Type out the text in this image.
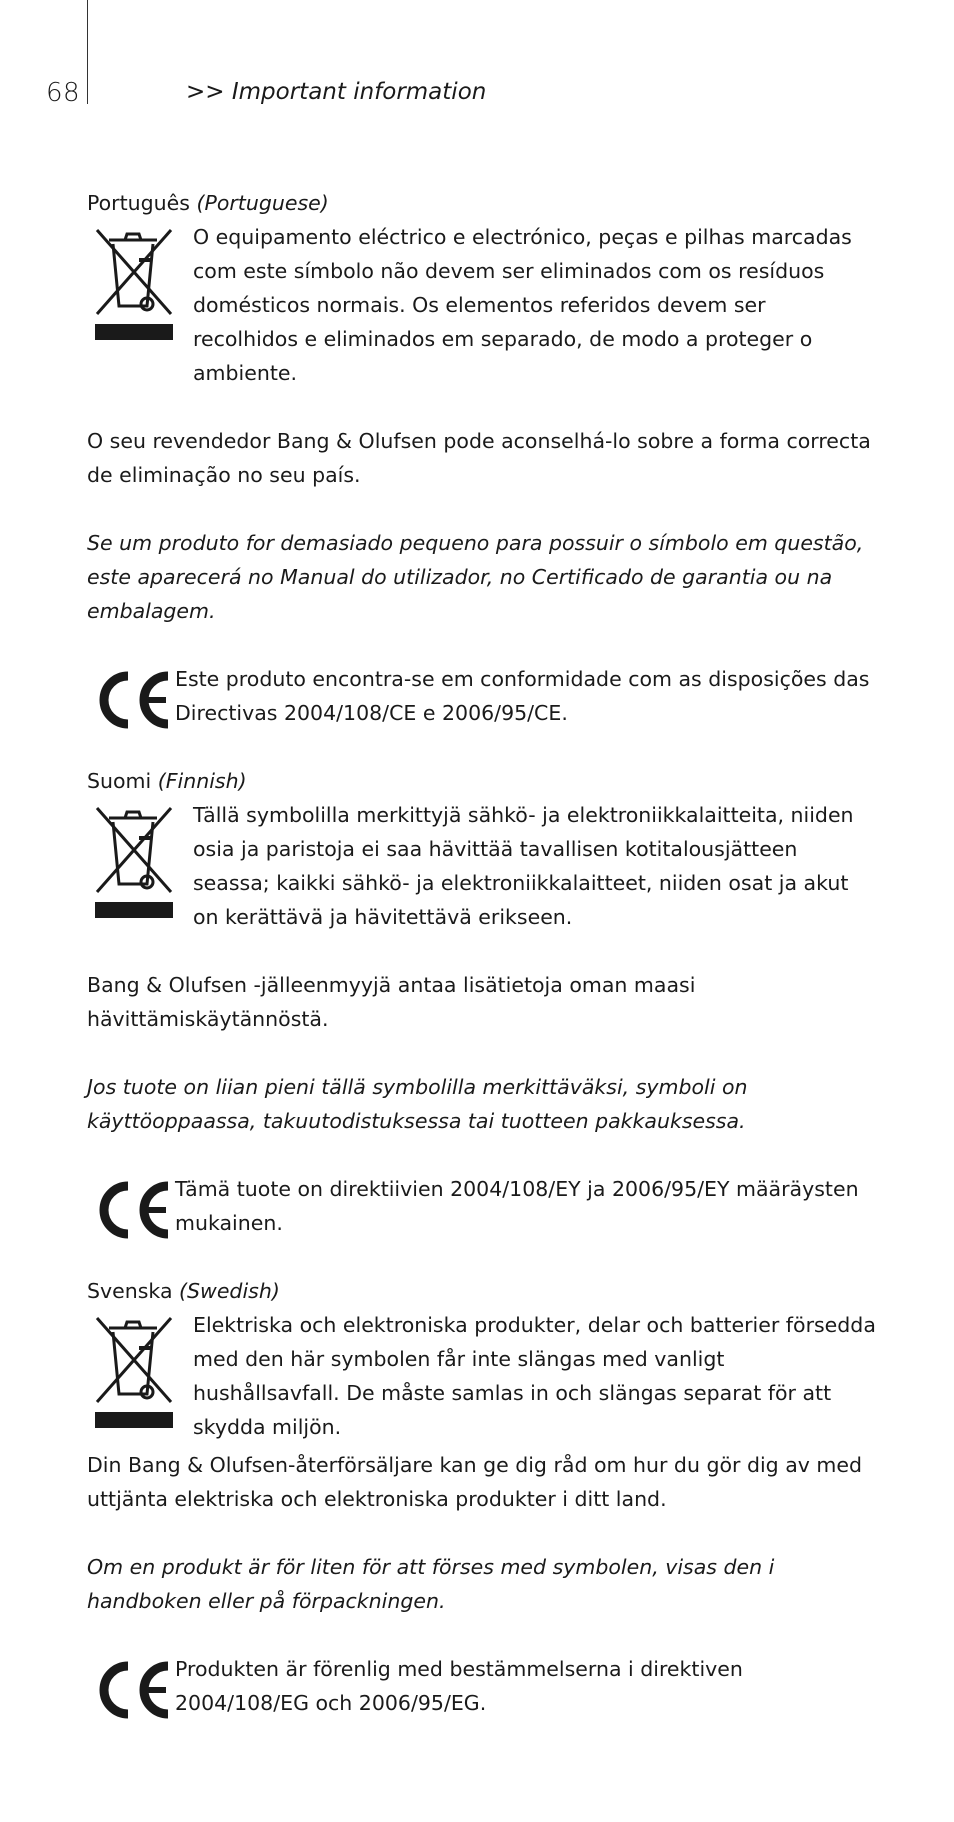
68	>> Important information
Português (Portuguese)

O equipamento eléctrico e electrónico, peças e pilhas marcadas com este símbolo não devem ser eliminados com os resíduos domésticos normais. Os elementos referidos devem ser recolhidos e eliminados em separado, de modo a proteger o ambiente.

O seu revendedor Bang & Olufsen pode aconselhá-lo sobre a forma correcta de eliminação no seu país.

Se um produto for demasiado pequeno para possuir o símbolo em questão, este aparecerá no Manual do utilizador, no Certificado de garantia ou na embalagem.

Este produto encontra-se em conformidade com as disposições das Directivas 2004/108/CE e 2006/95/CE.

Suomi (Finnish)

Tällä symbolilla merkittyjä sähkö- ja elektroniikkalaitteita, niiden osia ja paristoja ei saa hävittää tavallisen kotitalousjätteen seassa; kaikki sähkö- ja elektroniikkalaitteet, niiden osat ja akut on kerättävä ja hävitettävä erikseen.

Bang & Olufsen -jälleenmyyjä antaa lisätietoja oman maasi hävittämiskäytännöstä.

Jos tuote on liian pieni tällä symbolilla merkittäväksi, symboli on käyttöoppaassa, takuutodistuksessa tai tuotteen pakkauksessa.

Tämä tuote on direktiivien 2004/108/EY ja 2006/95/EY määräysten mukainen.

Svenska (Swedish)

Elektriska och elektroniska produkter, delar och batterier försedda med den här symbolen får inte slängas med vanligt hushållsavfall. De måste samlas in och slängas separat för att skydda miljön.

Din Bang & Olufsen-återförsäljare kan ge dig råd om hur du gör dig av med uttjänta elektriska och elektroniska produkter i ditt land.

Om en produkt är för liten för att förses med symbolen, visas den i handboken eller på förpackningen.

Produkten är förenlig med bestämmelserna i direktiven 2004/108/EG och 2006/95/EG.
